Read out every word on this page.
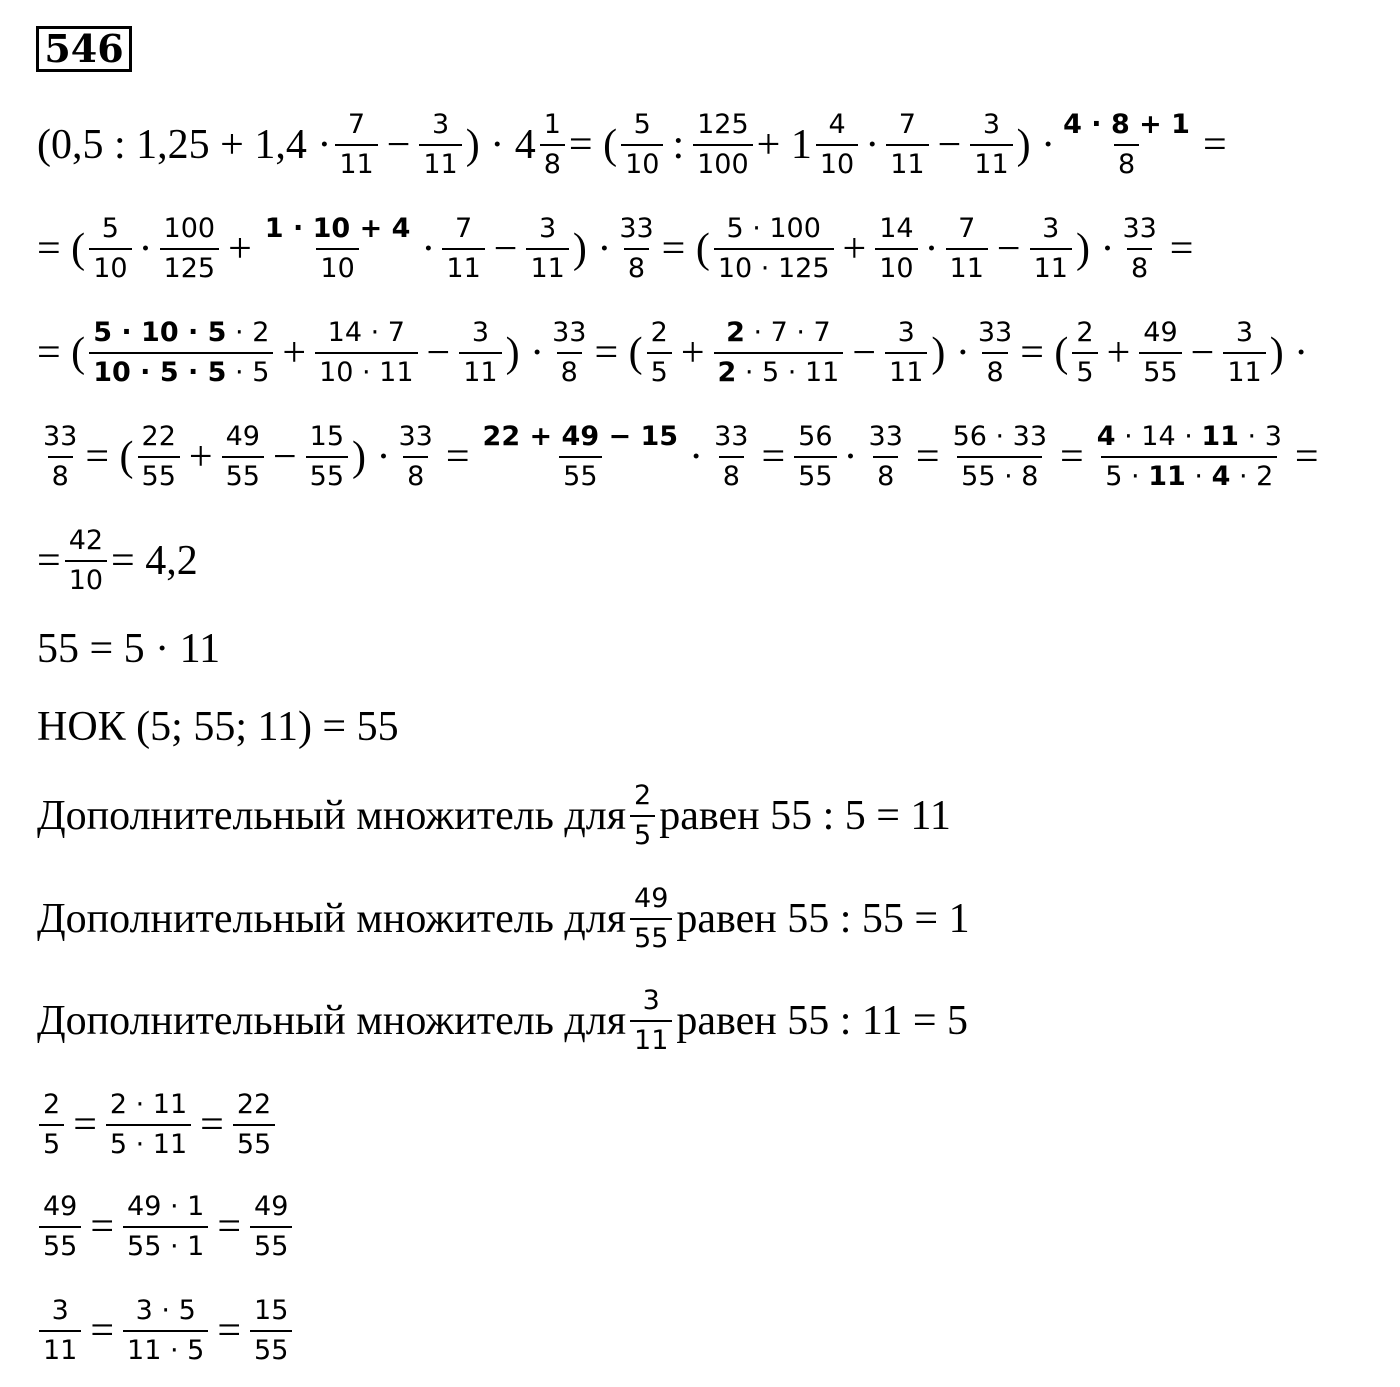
546
(0,5 : $1,25 + 1,4 \cdot \frac{7}{11} - \frac{3}{11}$ ) · $4 \frac{1}{8}$ = ( $\frac{5}{10}$ : $\frac{125}{100} + 1 \frac{4}{10} \cdot \frac{7}{11} - \frac{3}{11}$ ) · $\frac{4 \cdot 8 + 1}{8}$ =
= ( $\frac{5}{10} \cdot \frac{100}{125} + \frac{1 \cdot 10 + 4}{10} \cdot \frac{7}{11} - \frac{3}{11}$ ) · $\frac{33}{8}$ = ( $\frac{5 \cdot 100}{10 \cdot 125} + \frac{14}{10} \cdot \frac{7}{11} - \frac{3}{11}$ ) · $\frac{33}{8}$ =
= ( $\frac{5 \cdot 10 \cdot 5 \cdot 2}{10 \cdot 5 \cdot 5 \cdot 5} + \frac{14 \cdot 7}{10 \cdot 11} - \frac{3}{11}$ ) · $\frac{33}{8}$ = ( $\frac{2}{5} + \frac{2 \cdot 7 \cdot 7}{2 \cdot 5 \cdot 11} - \frac{3}{11}$ ) · $\frac{33}{8}$ = ( $\frac{2}{5} + \frac{49}{55} - \frac{3}{11}$ ) ·
$\frac{33}{8}$ = ( $\frac{22}{55} + \frac{49}{55} - \frac{15}{55}$ ) · $\frac{33}{8} = \frac{22 + 49 - 15}{55} \cdot \frac{33}{8} = \frac{56}{55} \cdot \frac{33}{8} = \frac{56 \cdot 33}{55 \cdot 8} = \frac{4 \cdot 14 \cdot 11 \cdot 3}{5 \cdot 11 \cdot 4 \cdot 2}$ =
= $\frac{42}{10} = 4,2$
55 = 5 · 11
НОК (5; 55; 11) = 55
Дополнительный множитель для $\frac{2}{5}$ равен 55 : 5 = 11
Дополнительный множитель для $\frac{49}{55}$ равен 55 : 55 = 1
Дополнительный множитель для $\frac{3}{11}$ равен 55 : 11 = 5
$\frac{2}{5} = \frac{2 \cdot 11}{5 \cdot 11} = \frac{22}{55}$
$\frac{49}{55} = \frac{49 \cdot 1}{55 \cdot 1} = \frac{49}{55}$
$\frac{3}{11} = \frac{3 \cdot 5}{11 \cdot 5} = \frac{15}{55}$
